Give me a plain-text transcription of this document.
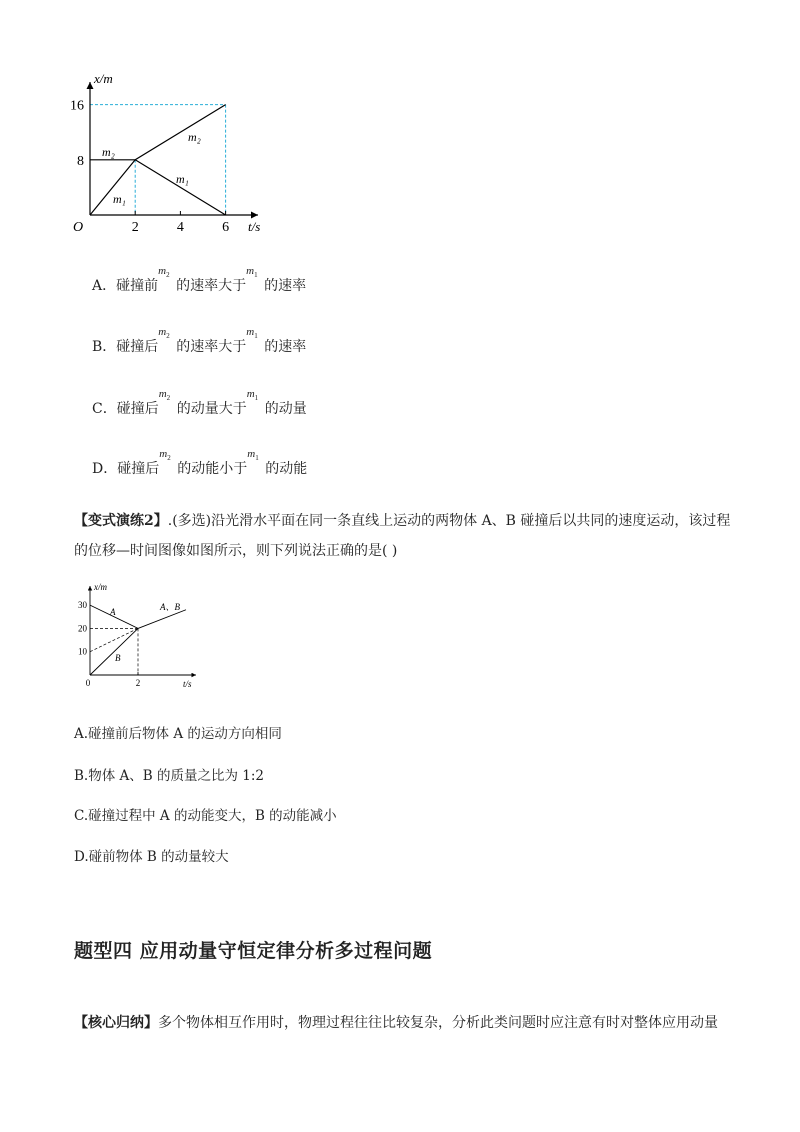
O	2	4	6
8
16
x/m
t/s
m₂
m₁
m₂
m₁
A．碰撞前
$m_2$
的速率大于
$m_1$
的速率
B．碰撞后
$m_2$
的速率大于
$m_1$
的速率
C．碰撞后
$m_2$
的动量大于
$m_1$
的动量
D．碰撞后
$m_2$
的动能小于
$m_1$
的动能
【变式演练2】.(多选)沿光滑水平面在同一条直线上运动的两物体 A、B 碰撞后以共同的速度运动，该过程
的位移—时间图像如图所示，则下列说法正确的是( )
0	2
10
20
30
x/m
t/s
A
B
A、B
A.碰撞前后物体 A 的运动方向相同
B.物体 A、B 的质量之比为 1:2
C.碰撞过程中 A 的动能变大，B 的动能减小
D.碰前物体 B 的动量较大
题型四 应用动量守恒定律分析多过程问题
【核心归纳】多个物体相互作用时，物理过程往往比较复杂，分析此类问题时应注意有时对整体应用动量
